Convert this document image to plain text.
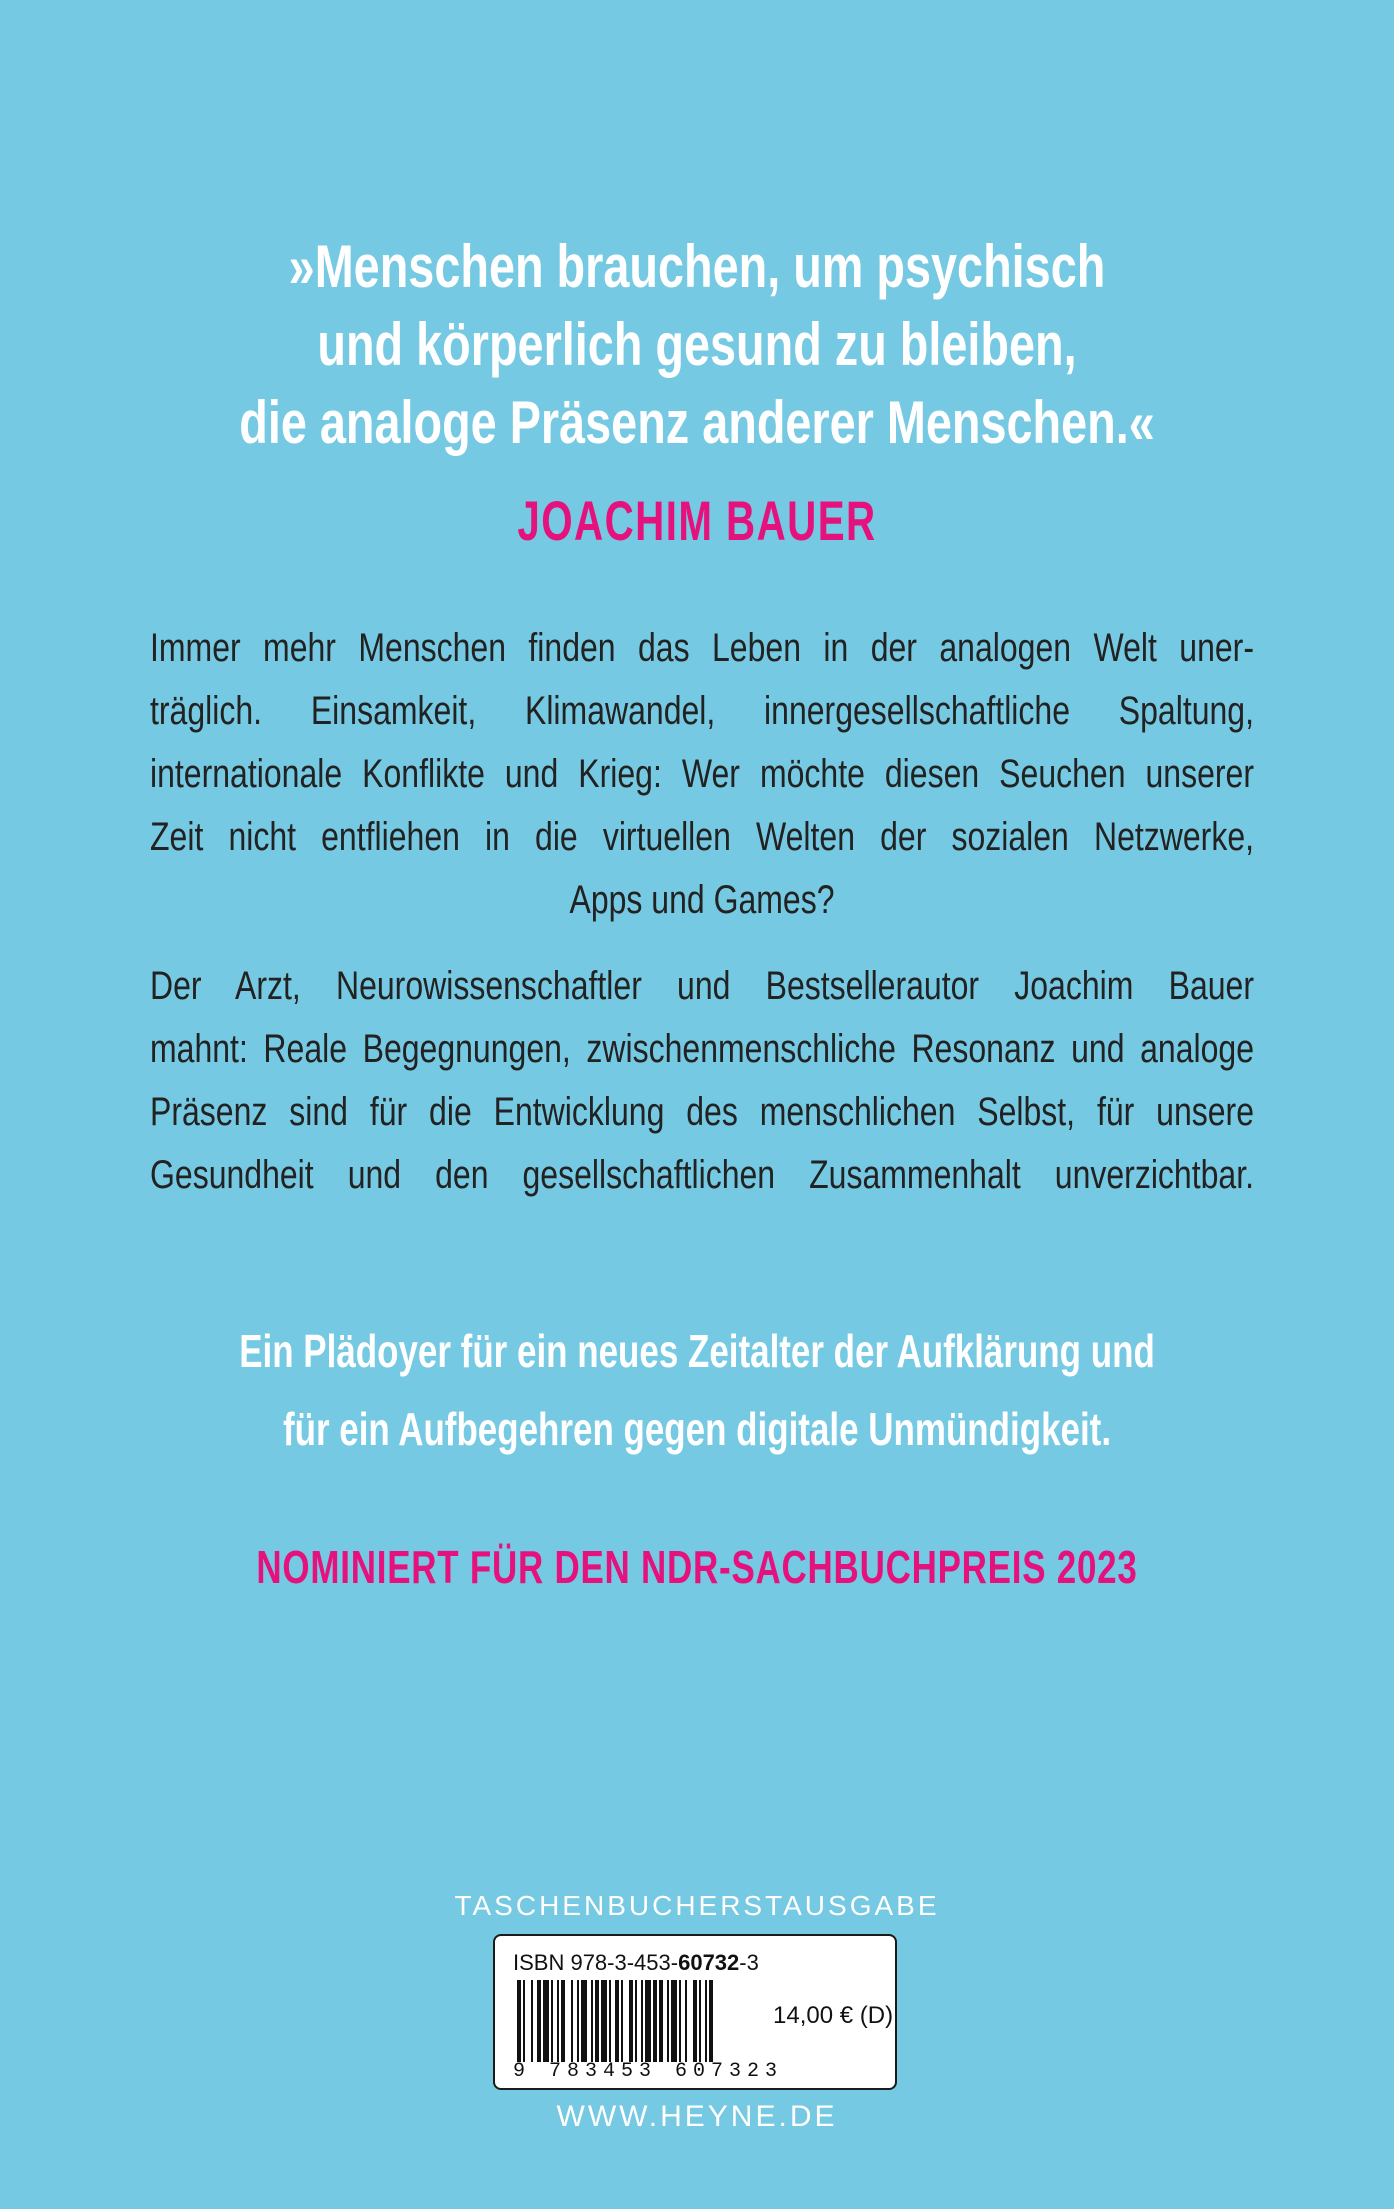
»Menschen brauchen, um psychisch
und körperlich gesund zu bleiben,
die analoge Präsenz anderer Menschen.«
JOACHIM BAUER
Immer mehr Menschen finden das Leben in der analogen Welt uner-
träglich. Einsamkeit, Klimawandel, innergesellschaftliche Spaltung,
internationale Konflikte und Krieg: Wer möchte diesen Seuchen unserer
Zeit nicht entfliehen in die virtuellen Welten der sozialen Netzwerke,
Apps und Games?
Der Arzt, Neurowissenschaftler und Bestsellerautor Joachim Bauer
mahnt: Reale Begegnungen, zwischenmenschliche Resonanz und analoge
Präsenz sind für die Entwicklung des menschlichen Selbst, für unsere
Gesundheit und den gesellschaftlichen Zusammenhalt unverzichtbar.
Ein Plädoyer für ein neues Zeitalter der Aufklärung und
für ein Aufbegehren gegen digitale Unmündigkeit.
NOMINIERT FÜR DEN NDR-SACHBUCHPREIS 2023
TASCHENBUCHERSTAUSGABE
ISBN 978-3-453-60732-3
9 783453 607323
14,00 € (D)
WWW.HEYNE.DE
